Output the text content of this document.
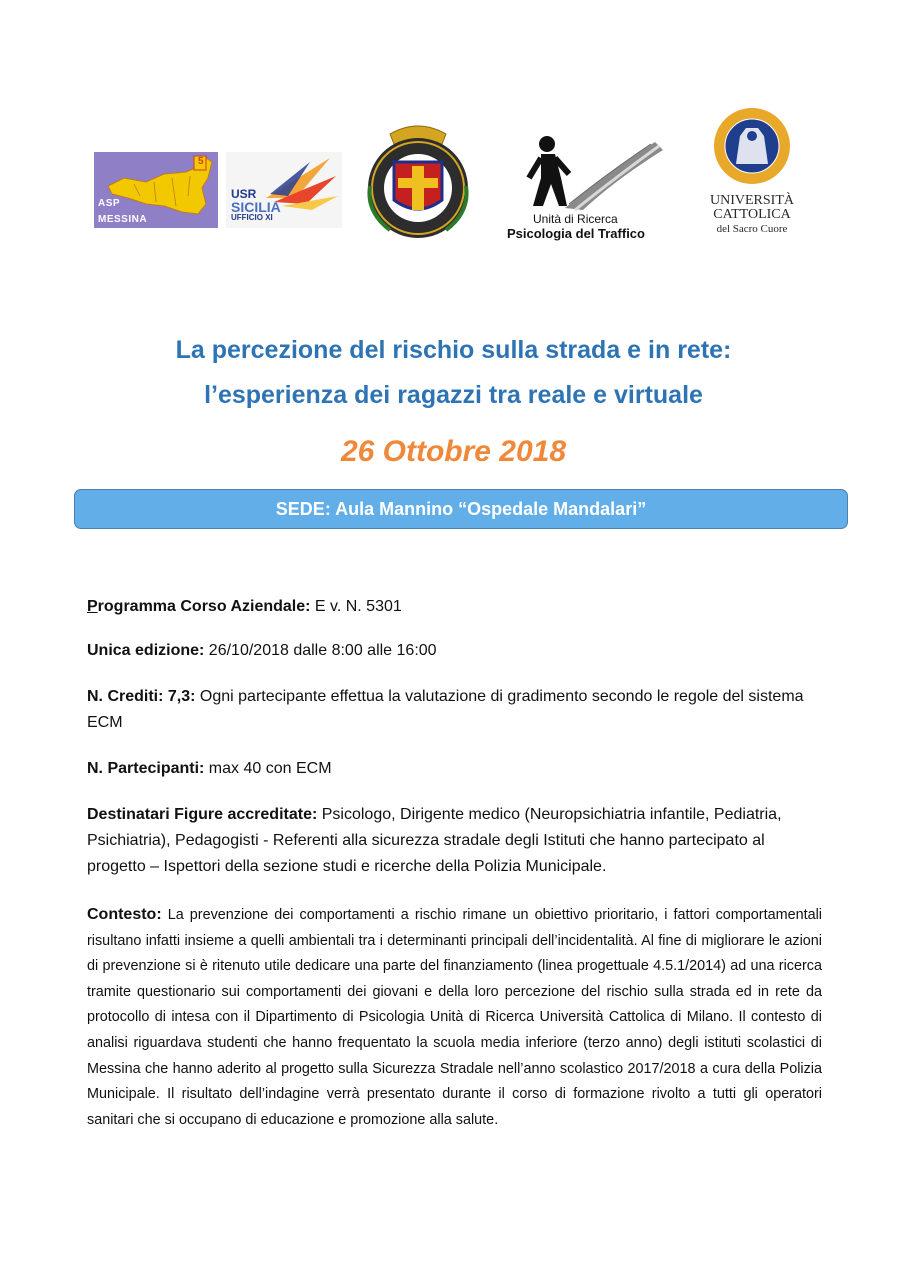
5
ASP
MESSINA
USR
SICILIA
UFFICIO XI	Unità di Ricerca
Psicologia del Traffico
UNIVERSITÀ
CATTOLICA
del Sacro Cuore
La percezione del rischio sulla strada e in rete:
l’esperienza dei ragazzi tra reale e virtuale
26 Ottobre 2018
SEDE: Aula Mannino “Ospedale Mandalari”
Programma Corso Aziendale: E v. N. 5301
Unica edizione: 26/10/2018 dalle 8:00 alle 16:00
N. Crediti: 7,3: Ogni partecipante effettua la valutazione di gradimento secondo le regole del sistema ECM
N. Partecipanti: max 40 con ECM
Destinatari Figure accreditate: Psicologo, Dirigente medico (Neuropsichiatria infantile, Pediatria, Psichiatria), Pedagogisti - Referenti alla sicurezza stradale degli Istituti che hanno partecipato al progetto – Ispettori della sezione studi e ricerche della Polizia Municipale.
Contesto: La prevenzione dei comportamenti a rischio rimane un obiettivo prioritario, i fattori comportamentali risultano infatti insieme a quelli ambientali tra i determinanti principali dell’incidentalità. Al fine di migliorare le azioni di prevenzione si è ritenuto utile dedicare una parte del finanziamento (linea progettuale 4.5.1/2014) ad una ricerca tramite questionario sui comportamenti dei giovani e della loro percezione del rischio sulla strada ed in rete da protocollo di intesa con il Dipartimento di Psicologia Unità di Ricerca Università Cattolica di Milano. Il contesto di analisi riguardava studenti che hanno frequentato la scuola media inferiore (terzo anno) degli istituti scolastici di Messina che hanno aderito al progetto sulla Sicurezza Stradale nell’anno scolastico 2017/2018 a cura della Polizia Municipale. Il risultato dell’indagine verrà presentato durante il corso di formazione rivolto a tutti gli operatori sanitari che si occupano di educazione e promozione alla salute.
